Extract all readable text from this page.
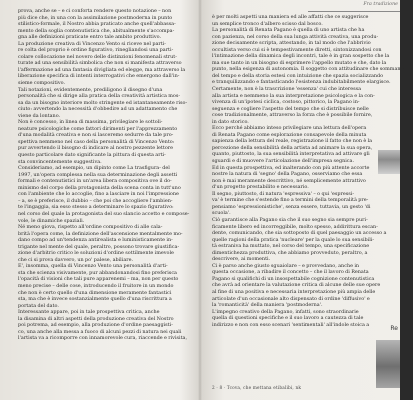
prova, anche se – e ci conforta rendere questo notazione – non
più dice che, in una con la assimilazione postmoderna in punto
stilistico-formale, il Nostro abbia praticato anche quell'abbassa-
mento della soglia contenutistica che, abitualmente s'accompa-
gna alle definizioni praticate entro tale ambito produttivo.
La produzione creativa di Vincenzo Vento si riceve nel parti-
re colta del proprio è ordine figurativo, rinegliandosi una parti-
colare collocazione nel novero delle distinzioni fenomenali strut-
turate ad una sensibilità simbolica che non si manifesta attraverso
l'affermazione ad una fantasia divigliata ed elegge, ma attraverso la
liberazione specifica di intenti interrogativi che emergono dall'in-
sieme compositivo.
Tali notazioni, evidentemente, prediligono il disegno d'una
personalità che si dirige alla pratica della creatività artistica mos-
sa da un bisogno interiore molto stringente ed istantaneamente riso-
ciuto: avvertendo la necessità d'obbedire ad un adattamento che
viene da lontano.
Non è concesso, in linea di massima, privilegiare le sottoli-
neature psicologiche come fattori dirimenti per l'apprezzamento
d'una modalità creativa e non si lasceremo sedurre da tale pro-
spettiva nemmeno nel caso della personalità di Vincenzo Vento:
pur avvertendo il bisogno di indicare al nostro pezzente lettore
questo particolare dato significante la pittura di questa arti-
sta convincentemente suggestiva.
Consideriamo, ad esempio, un dipinto come La trasfigura- del
1997, un'opera complessa nella sua determinazione degli assetti
formali e contenutistici in un'area libera compositiva ove il do-
minismo del corpo della protagonista della scena conta in tutt'uno
con l'ambiente che lo accoglie, fino a lasciare in noi l'impressione
– a, se è preferisce, il dubbio – che poi che accogliere l'ambien-
te l'ingaggia, sia esso stesso a determinare lo spazio figurativo:
nel corso del quale la protagonista del suo slancio accetto e compose-
vole, le dinamiche spaziali.
Né meno giova, rispetto all'ordine compositivo di alle cala-
brità l'opera come, la definizione dell'ascensione mentalmente mo-
dano compo ad un'tendenza antirealista e luministicamente in-
trigante nel mente del quale, peraltro, possono trovare giustifica-
zione d'arbitrio critico le soluzioni d'ordine sottilmente imevole
che ci si prova davvero, un po' palese, abiliare.
E', insomma, quella di Vincenzo Vento una personalità d'arti-
sta che scienza visivamente, pur abbandonandosi fino preferisca
l'opacità di visioni che tali pure apparenemi – ma, non per questo
meno precise – delle cose, introducendo il fruitore in un mondo
che non è certo quello d'una dimensione meramente fantastici
sta, ma che è invece sostanzialmente quello d'una riscrittura a
portata del dato.
Interessante appare, poi in tale prospettiva critica, anche
la disamina di altri aspetti della produzione creativa del Nostro
poi potrema, ad esempio, alla produzione d'ordine paesaggisti-
co, una anche alla messa a fuoco di alcuni pezzi di natura nei quali
l'artista va a ricomporre con innamorevole cura, riaccende e rivisita,
Fra tradizione
è per molti aspetti una maniera ed alle affatti che ce suggerisce
un semplice tronco d'albero scisso dal bosco.
La personalità di Renata Pagano è quella di uno artista che ha
con pazienza, nel corso della sua lunga attività creativa, una produ-
zione decisamente scripta, attestando, in tal modo che l'abbrivio
occultista verso cui si è tempestivamente diretti, sintonizzandosi con
l'intimazione della dinamica degli incontri, tale è in gran sospetto che la
ma sue tanto in un bisogno di esprimere l'appello mutato e che, dato la
punto, nella esigenza di autonomia. Il soggetto con attitudinare che sommamente
del tempo e della storia estesi con intuizione che spazia socializzando
e tranquilizzando e fantasticando l'esistenza indubitabilmente elargisce.
Certamente, non è la trascrizione 'essenza' cui che interessa
alla artista e nemmeno la sua interpretazione psicologica e la con-
vivenza di un'ipotesi ciclica, costoso, pittorico, la Pagano in-
seguenza e cogliere l'aspetto del tempo che si distribuisce nelle
cose tradizionalmente, attraverso la forza che è possibile fornire,
in dato storico.
Ecco perché abbiamo inteso privilegiare una lettura dell'opera
di Renata Pagano come esplorazione consapevole della minuta
sapienza della lettura del reale, registrazione il fatto che non è la
percezione della sensibilità della artista ad animare la sua opera,
quanto, piuttosto, la sua sensibilità interpretativa ad attivare gli
sguardi e di muovere l'articolazione dell'impresa segnica.
Ed in questa prospettiva, ed inalterando con più attente accorte
nostre la natura di 'segno' della Pagano, osserviamo che essa
non è mai meramente descrittivo, né semplicemente attrattivo
d'un progetto prestabilito e necessario.
Il segno, piuttosto, di natura 'espressiva' – o qui 'espressi-
va' è termine che s'estende fino a termini della temporalità pre-
pensiamo 'espressionistiche', senza essere, tuttavia, un gesto 'di
scuola'.
Ciò garantisce alla Pagano sia che il suo segno sia sempre puri-
ficamente libero ed incorreggibile, molto spesso, addirittura escan-
dente, comunicando, che sia sottoposto di quel paesaggio un accesso a
quelle ragioni della pratica 'nucleare' per la quale lo sua sensibili-
tà estraniva ha muttato, nel corso del tempo, una specificazione
dimentichezza produttiva, che abbiamo provveduto, peraltro, a
descrivere, ai momenti.
Ci è parso anche giusto sguaiolare – e provvedano, anche in
questa occasione, a ribadire il concetto – che il lavoro di Renata
Pagano si qualifichi di un insospettabile cognizione contenutistica
che avrà ad orientare la valutazione critica di alcune delle sue opere
al fine di una positiva e necessaria interpretazione più ampia delle
articolate d'un occasionale alto dispensato di ordine 'diffusivo' e
la 'romanticità' della maniera 'postmoderna'.
L'impegno creativo della Pagano, infatti, sono straordinarie
quella di questioni specifiche e il suo lavoro a cautezza di tale
indirizzo e non con esso scenari 'sentimentali' all'indole stoica a
2 · 8 · Tcova, che mettana etibalibi, nk
Re
